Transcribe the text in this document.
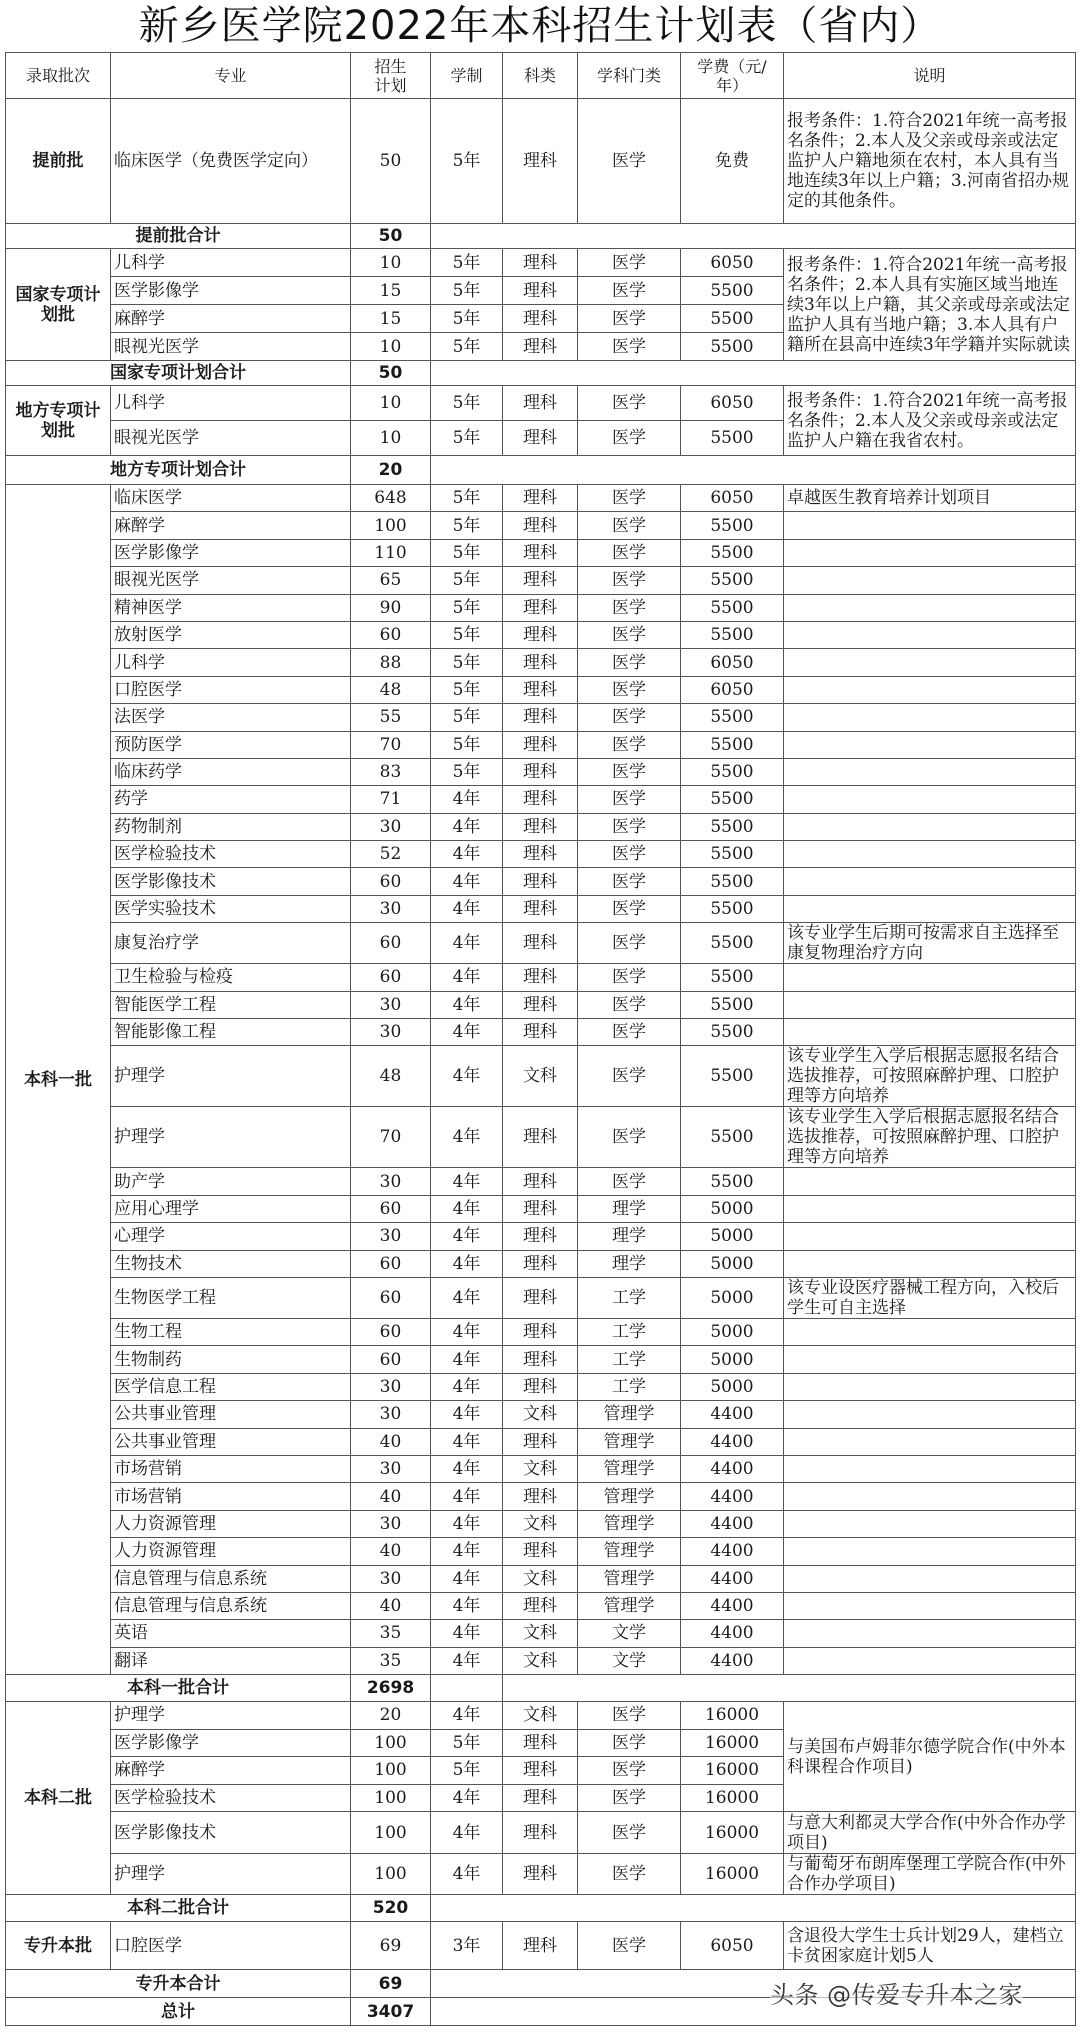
新乡医学院2022年本科招生计划表（省内）
录取批次	专业	招生计划	学制	科类	学科门类	学费（元/年）	说明
提前批	临床医学（免费医学定向）	50	5年	理科	医学	免费	报考条件：1.符合2021年统一高考报名条件；2.本人及父亲或母亲或法定监护人户籍地须在农村，本人具有当地连续3年以上户籍；3.河南省招办规定的其他条件。
提前批合计		50					
国家专项计划批	儿科学	10	5年	理科	医学	6050	报考条件：1.符合2021年统一高考报名条件；2.本人具有实施区域当地连续3年以上户籍，其父亲或母亲或法定监护人具有当地户籍；3.本人具有户籍所在县高中连续3年学籍并实际就读
	医学影像学	15	5年	理科	医学	5500	
	麻醉学	15	5年	理科	医学	5500	
	眼视光医学	10	5年	理科	医学	5500	
国家专项计划合计		50					
地方专项计划批	儿科学	10	5年	理科	医学	6050	报考条件：1.符合2021年统一高考报名条件；2.本人及父亲或母亲或法定监护人户籍在我省农村。
	眼视光医学	10	5年	理科	医学	5500	
地方专项计划合计		20					
本科一批	临床医学	648	5年	理科	医学	6050	卓越医生教育培养计划项目
	麻醉学	100	5年	理科	医学	5500	
	医学影像学	110	5年	理科	医学	5500	
	眼视光医学	65	5年	理科	医学	5500	
	精神医学	90	5年	理科	医学	5500	
	放射医学	60	5年	理科	医学	5500	
	儿科学	88	5年	理科	医学	6050	
	口腔医学	48	5年	理科	医学	6050	
	法医学	55	5年	理科	医学	5500	
	预防医学	70	5年	理科	医学	5500	
	临床药学	83	5年	理科	医学	5500	
	药学	71	4年	理科	医学	5500	
	药物制剂	30	4年	理科	医学	5500	
	医学检验技术	52	4年	理科	医学	5500	
	医学影像技术	60	4年	理科	医学	5500	
	医学实验技术	30	4年	理科	医学	5500	
	康复治疗学	60	4年	理科	医学	5500	该专业学生后期可按需求自主选择至康复物理治疗方向
	卫生检验与检疫	60	4年	理科	医学	5500	
	智能医学工程	30	4年	理科	医学	5500	
	智能影像工程	30	4年	理科	医学	5500	
	护理学	48	4年	文科	医学	5500	该专业学生入学后根据志愿报名结合选拔推荐，可按照麻醉护理、口腔护理等方向培养
	护理学	70	4年	理科	医学	5500	该专业学生入学后根据志愿报名结合选拔推荐，可按照麻醉护理、口腔护理等方向培养
	助产学	30	4年	理科	医学	5500	
	应用心理学	60	4年	理科	理学	5000	
	心理学	30	4年	理科	理学	5000	
	生物技术	60	4年	理科	理学	5000	
	生物医学工程	60	4年	理科	工学	5000	该专业设医疗器械工程方向，入校后学生可自主选择
	生物工程	60	4年	理科	工学	5000	
	生物制药	60	4年	理科	工学	5000	
	医学信息工程	30	4年	理科	工学	5000	
	公共事业管理	30	4年	文科	管理学	4400	
	公共事业管理	40	4年	理科	管理学	4400	
	市场营销	30	4年	文科	管理学	4400	
	市场营销	40	4年	理科	管理学	4400	
	人力资源管理	30	4年	文科	管理学	4400	
	人力资源管理	40	4年	理科	管理学	4400	
	信息管理与信息系统	30	4年	文科	管理学	4400	
	信息管理与信息系统	40	4年	理科	管理学	4400	
	英语	35	4年	文科	文学	4400	
	翻译	35	4年	文科	文学	4400	
本科一批合计		2698					
本科二批	护理学	20	4年	文科	医学	16000	与美国布卢姆菲尔德学院合作(中外本科课程合作项目)
	医学影像学	100	5年	理科	医学	16000	
	麻醉学	100	5年	理科	医学	16000	
	医学检验技术	100	4年	理科	医学	16000	
	医学影像技术	100	4年	理科	医学	16000	与意大利都灵大学合作(中外合作办学项目)
	护理学	100	4年	理科	医学	16000	与葡萄牙布朗库堡理工学院合作(中外合作办学项目)
本科二批合计		520					
专升本批	口腔医学	69	3年	理科	医学	6050	含退役大学生士兵计划29人，建档立卡贫困家庭计划5人
专升本合计		69					
总计		3407					
头条 @传爱专升本之家
